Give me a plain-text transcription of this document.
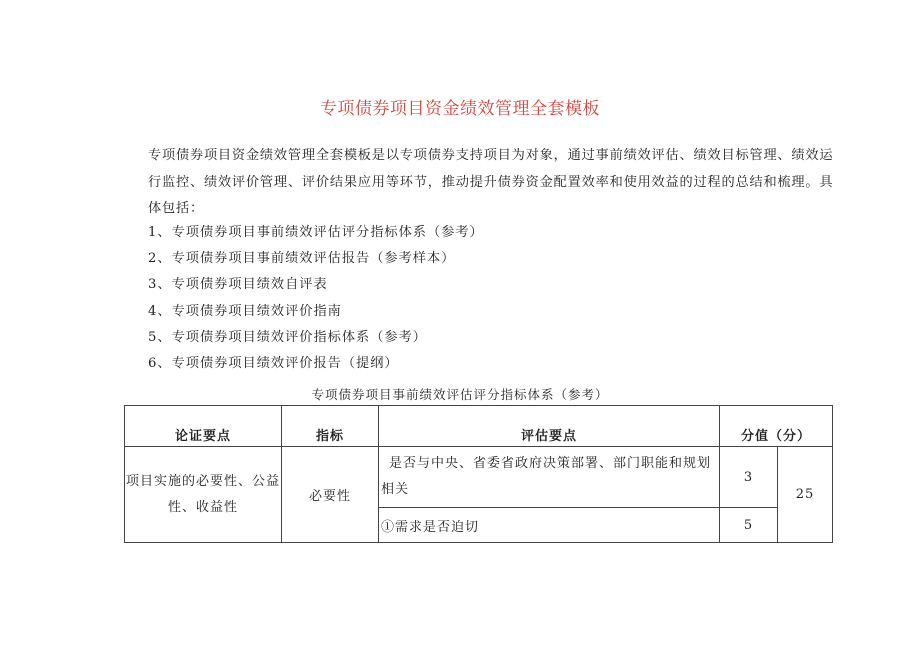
专项债券项目资金绩效管理全套模板
专项债券项目资金绩效管理全套模板是以专项债券支持项目为对象，通过事前绩效评估、绩效目标管理、绩效运行监控、绩效评价管理、评价结果应用等环节，推动提升债券资金配置效率和使用效益的过程的总结和梳理。具体包括：
1、专项债券项目事前绩效评估评分指标体系（参考）
2、专项债券项目事前绩效评估报告（参考样本）
3、专项债券项目绩效自评表
4、专项债券项目绩效评价指南
5、专项债券项目绩效评价指标体系（参考）
6、专项债券项目绩效评价报告（提纲）
专项债券项目事前绩效评估评分指标体系（参考）
论证要点	指标	评估要点	分值（分）	
项目实施的必要性、公益性、收益性	必要性	是否与中央、省委省政府决策部署、部门职能和规划相关	3	25
		①需求是否迫切	5	
